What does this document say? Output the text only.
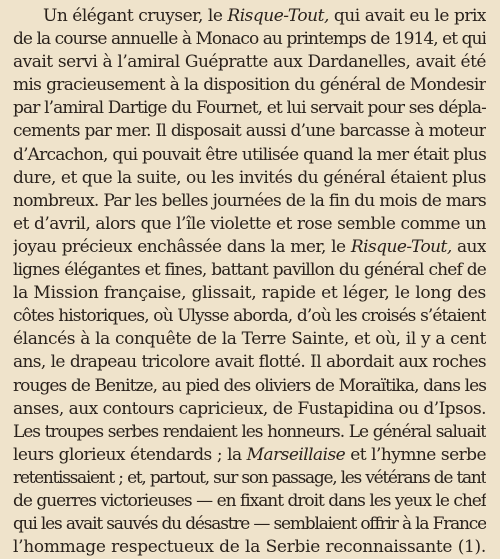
Un élégant cruyser, le Risque-Tout, qui avait eu le prix
de la course annuelle à Monaco au printemps de 1914, et qui
avait servi à l’amiral Guépratte aux Dardanelles, avait été
mis gracieusement à la disposition du général de Mondesir
par l’amiral Dartige du Fournet, et lui servait pour ses dépla-
cements par mer. Il disposait aussi d’une barcasse à moteur
d’Arcachon, qui pouvait être utilisée quand la mer était plus
dure, et que la suite, ou les invités du général étaient plus
nombreux. Par les belles journées de la fin du mois de mars
et d’avril, alors que l’île violette et rose semble comme un
joyau précieux enchâssée dans la mer, le Risque-Tout, aux
lignes élégantes et fines, battant pavillon du général chef de
la Mission française, glissait, rapide et léger, le long des
côtes historiques, où Ulysse aborda, d’où les croisés s’étaient
élancés à la conquête de la Terre Sainte, et où, il y a cent
ans, le drapeau tricolore avait flotté. Il abordait aux roches
rouges de Benitze, au pied des oliviers de Moraïtika, dans les
anses, aux contours capricieux, de Fustapidina ou d’Ipsos.
Les troupes serbes rendaient les honneurs. Le général saluait
leurs glorieux étendards ; la Marseillaise et l’hymne serbe
retentissaient ; et, partout, sur son passage, les vétérans de tant
de guerres victorieuses — en fixant droit dans les yeux le chef
qui les avait sauvés du désastre — semblaient offrir à la France
l’hommage respectueux de la Serbie reconnaissante (1).
